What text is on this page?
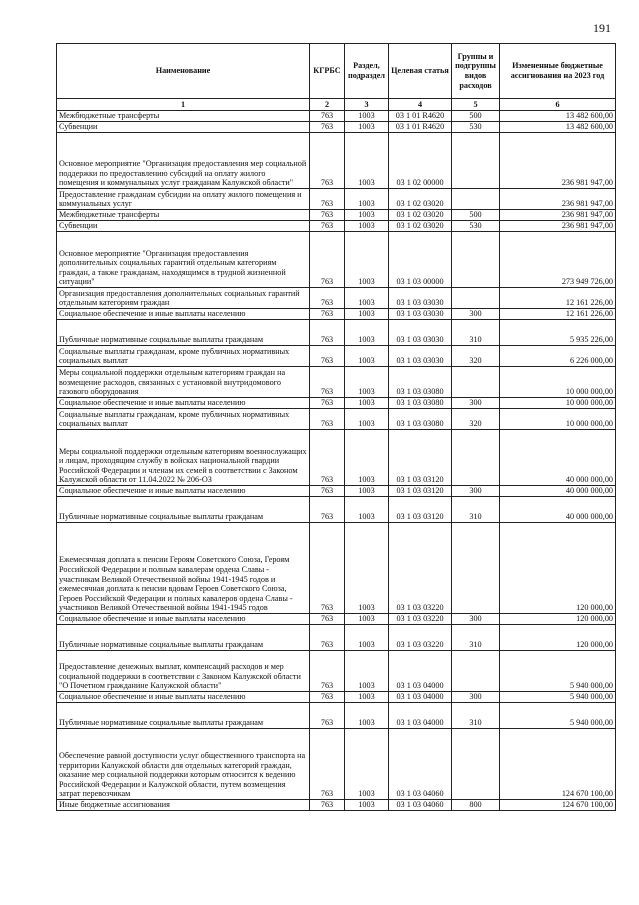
191
Наименование	КГРБС	Раздел, подраздел	Целевая статья	Группы и подгруппы видов расходов	Измененные бюджетные ассигнования на 2023 год
1	2	3	4	5	6
Межбюджетные трансферты	763	1003	03 1 01 R4620	500	13 482 600,00
Субвенции	763	1003	03 1 01 R4620	530	13 482 600,00
Основное мероприятие "Организация предоставления мер социальной поддержки по предоставлению субсидий на оплату жилого помещения и коммунальных услуг гражданам Калужской области"	763	1003	03 1 02 00000		236 981 947,00
Предоставление гражданам субсидии на оплату жилого помещения и коммунальных услуг	763	1003	03 1 02 03020		236 981 947,00
Межбюджетные трансферты	763	1003	03 1 02 03020	500	236 981 947,00
Субвенции	763	1003	03 1 02 03020	530	236 981 947,00
Основное мероприятие "Организация предоставления дополнительных социальных гарантий отдельным категориям граждан, а также гражданам, находящимся в трудной жизненной ситуации"	763	1003	03 1 03 00000		273 949 726,00
Организация предоставления дополнительных социальных гарантий отдельным категориям граждан	763	1003	03 1 03 03030		12 161 226,00
Социальное обеспечение и иные выплаты населению	763	1003	03 1 03 03030	300	12 161 226,00
Публичные нормативные социальные выплаты гражданам	763	1003	03 1 03 03030	310	5 935 226,00
Социальные выплаты гражданам, кроме публичных нормативных социальных выплат	763	1003	03 1 03 03030	320	6 226 000,00
Меры социальной поддержки отдельным категориям граждан на возмещение расходов, связанных с установкой внутридомового газового оборудования	763	1003	03 1 03 03080		10 000 000,00
Социальное обеспечение и иные выплаты населению	763	1003	03 1 03 03080	300	10 000 000,00
Социальные выплаты гражданам, кроме публичных нормативных социальных выплат	763	1003	03 1 03 03080	320	10 000 000,00
Меры социальной поддержки отдельным категориям военнослужащих и лицам, проходящим службу в войсках национальной гвардии Российской Федерации и членам их семей в соответствии с Законом Калужской области от 11.04.2022 № 206-ОЗ	763	1003	03 1 03 03120		40 000 000,00
Социальное обеспечение и иные выплаты населению	763	1003	03 1 03 03120	300	40 000 000,00
Публичные нормативные социальные выплаты гражданам	763	1003	03 1 03 03120	310	40 000 000,00
Ежемесячная доплата к пенсии Героям Советского Союза, Героям Российской Федерации и полным кавалерам ордена Славы - участникам Великой Отечественной войны 1941-1945 годов и ежемесячная доплата к пенсии вдовам Героев Советского Союза, Героев Российской Федерации и полных кавалеров ордена Славы - участников Великой Отечественной войны 1941-1945 годов	763	1003	03 1 03 03220		120 000,00
Социальное обеспечение и иные выплаты населению	763	1003	03 1 03 03220	300	120 000,00
Публичные нормативные социальные выплаты гражданам	763	1003	03 1 03 03220	310	120 000,00
Предоставление денежных выплат, компенсаций расходов и мер социальной поддержки в соответствии с Законом Калужской области "О Почетном гражданине Калужской области"	763	1003	03 1 03 04000		5 940 000,00
Социальное обеспечение и иные выплаты населению	763	1003	03 1 03 04000	300	5 940 000,00
Публичные нормативные социальные выплаты гражданам	763	1003	03 1 03 04000	310	5 940 000,00
Обеспечение равной доступности услуг общественного транспорта на территории Калужской области для отдельных категорий граждан, оказание мер социальной поддержки которым относится к ведению Российской Федерации и Калужской области, путем возмещения затрат перевозчикам	763	1003	03 1 03 04060		124 670 100,00
Иные бюджетные ассигнования	763	1003	03 1 03 04060	800	124 670 100,00
